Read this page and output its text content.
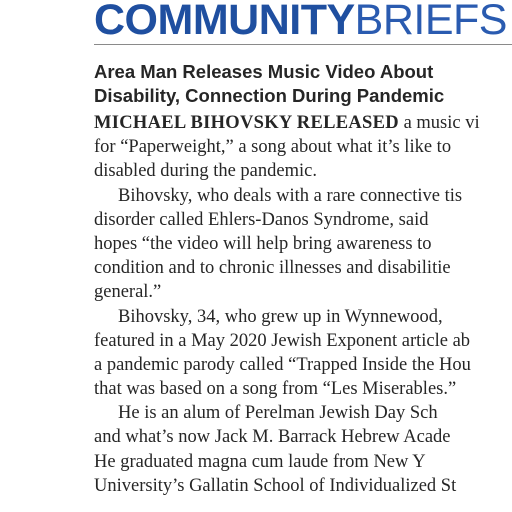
COMMUNITYBRIEFS
Area Man Releases Music Video About
Disability, Connection During Pandemic
MICHAEL BIHOVSKY RELEASED a music vi
for “Paperweight,” a song about what it’s like to
disabled during the pandemic.
Bihovsky, who deals with a rare connective tis
disorder called Ehlers-Danos Syndrome, said
hopes “the video will help bring awareness to
condition and to chronic illnesses and disabilitie
general.”
Bihovsky, 34, who grew up in Wynnewood,
featured in a May 2020 Jewish Exponent article ab
a pandemic parody called “Trapped Inside the Hou
that was based on a song from “Les Miserables.”
He is an alum of Perelman Jewish Day Sch
and what’s now Jack M. Barrack Hebrew Acade
He graduated magna cum laude from New Y
University’s Gallatin School of Individualized St
